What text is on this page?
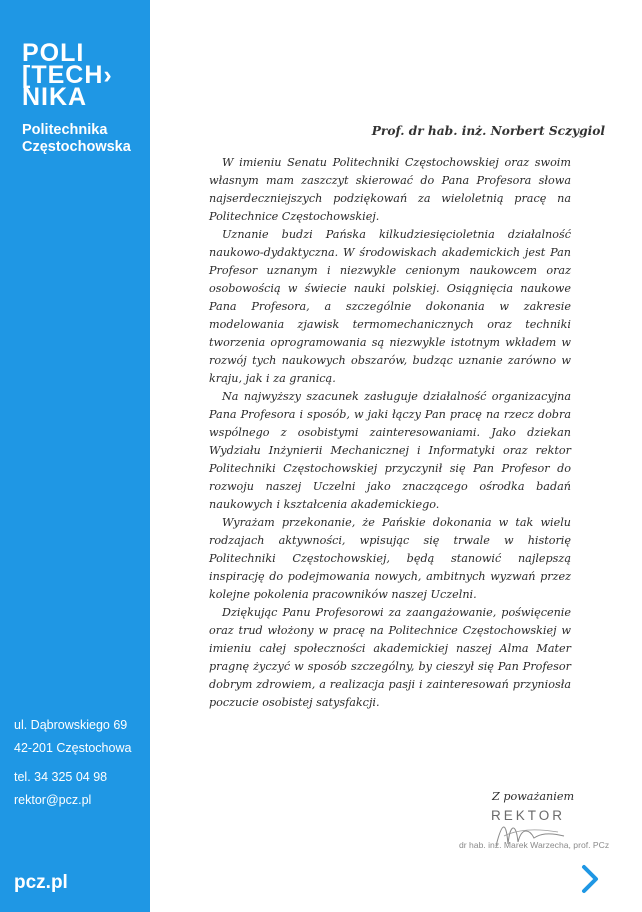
POLI
[TECH›
NIKA
Politechnika
Częstochowska
ul. Dąbrowskiego 69
42-201 Częstochowa
tel. 34 325 04 98
rektor@pcz.pl
pcz.pl
Prof. dr hab. inż. Norbert Sczygiol

W imieniu Senatu Politechniki Częstochowskiej oraz swoim własnym mam zaszczyt skierować do Pana Profesora słowa najserdeczniejszych podziękowań za wieloletnią pracę na Politechnice Częstochowskiej.

Uznanie budzi Pańska kilkudziesięcioletnia działalność naukowo-dydaktyczna. W środowiskach akademickich jest Pan Profesor uznanym i niezwykle cenionym naukowcem oraz osobowością w świecie nauki polskiej. Osiągnięcia naukowe Pana Profesora, a szczególnie dokonania w zakresie modelowania zjawisk termomechanicznych oraz techniki tworzenia oprogramowania są niezwykle istotnym wkładem w rozwój tych naukowych obszarów, budząc uznanie zarówno w kraju, jak i za granicą.

Na najwyższy szacunek zasługuje działalność organizacyjna Pana Profesora i sposób, w jaki łączy Pan pracę na rzecz dobra wspólnego z osobistymi zainteresowaniami. Jako dziekan Wydziału Inżynierii Mechanicznej i Informatyki oraz rektor Politechniki Częstochowskiej przyczynił się Pan Profesor do rozwoju naszej Uczelni jako znaczącego ośrodka badań naukowych i kształcenia akademickiego.

Wyrażam przekonanie, że Pańskie dokonania w tak wielu rodzajach aktywności, wpisując się trwale w historię Politechniki Częstochowskiej, będą stanowić najlepszą inspirację do podejmowania nowych, ambitnych wyzwań przez kolejne pokolenia pracowników naszej Uczelni.

Dziękując Panu Profesorowi za zaangażowanie, poświęcenie oraz trud włożony w pracę na Politechnice Częstochowskiej w imieniu całej społeczności akademickiej naszej Alma Mater pragnę życzyć w sposób szczególny, by cieszył się Pan Profesor dobrym zdrowiem, a realizacja pasji i zainteresowań przyniosła poczucie osobistej satysfakcji.

Z poważaniem
REKTOR
dr hab. inż. Marek Warzecha, prof. PCz
